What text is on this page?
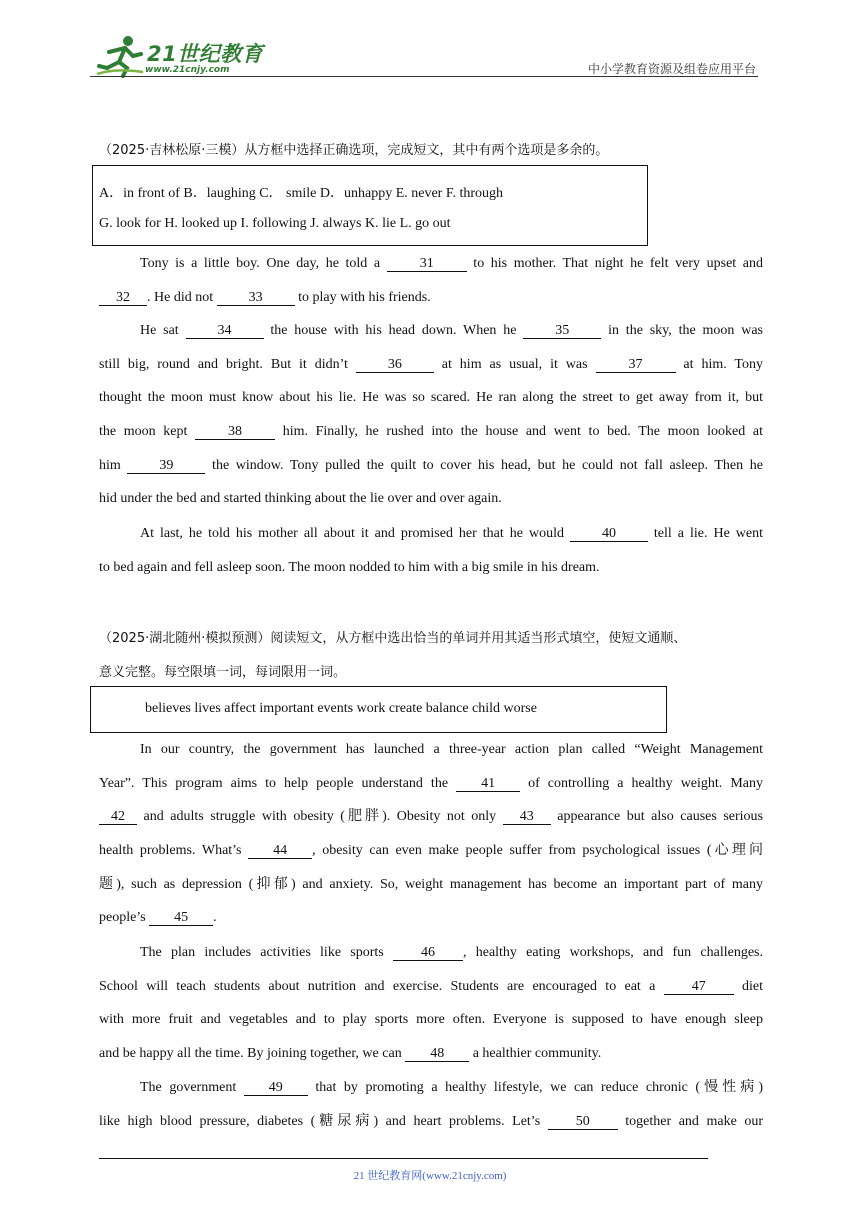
21世纪教育
www.21cnjy.com	中小学教育资源及组卷应用平台
（2025·吉林松原·三模）从方框中选择正确选项，完成短文，其中有两个选项是多余的。
A．in front of B．laughing C． smile D．unhappy E. never F. through
G. look for H. looked up I. following J. always K. lie L. go out
Tony is a little boy. One day, he told a 31 to his mother. That night he felt very upset and
32 . He did not 33 to play with his friends.
He sat 34 the house with his head down. When he 35 in the sky, the moon was
still big, round and bright. But it didn’t 36 at him as usual, it was 37 at him. Tony
thought the moon must know about his lie. He was so scared. He ran along the street to get away from it, but
the moon kept 38 him. Finally, he rushed into the house and went to bed. The moon looked at
him 39 the window. Tony pulled the quilt to cover his head, but he could not fall asleep. Then he
hid under the bed and started thinking about the lie over and over again.
At last, he told his mother all about it and promised her that he would 40 tell a lie. He went
to bed again and fell asleep soon. The moon nodded to him with a big smile in his dream.
（2025·湖北随州·模拟预测）阅读短文，从方框中选出恰当的单词并用其适当形式填空，使短文通顺、
意义完整。每空限填一词，每词限用一词。
believes lives affect important events work create balance child worse
In our country, the government has launched a three-year action plan called “Weight Management
Year”. This program aims to help people understand the 41 of controlling a healthy weight. Many
42 and adults struggle with obesity (肥胖). Obesity not only 43 appearance but also causes serious
health problems. What’s 44 , obesity can even make people suffer from psychological issues (心理问
题), such as depression (抑郁) and anxiety. So, weight management has become an important part of many
people’s 45 .
The plan includes activities like sports 46 , healthy eating workshops, and fun challenges.
School will teach students about nutrition and exercise. Students are encouraged to eat a 47 diet
with more fruit and vegetables and to play sports more often. Everyone is supposed to have enough sleep
and be happy all the time. By joining together, we can 48 a healthier community.
The government 49 that by promoting a healthy lifestyle, we can reduce chronic (慢性病)
like high blood pressure, diabetes (糖尿病) and heart problems. Let’s 50 together and make our
21 世纪教育网(www.21cnjy.com)
